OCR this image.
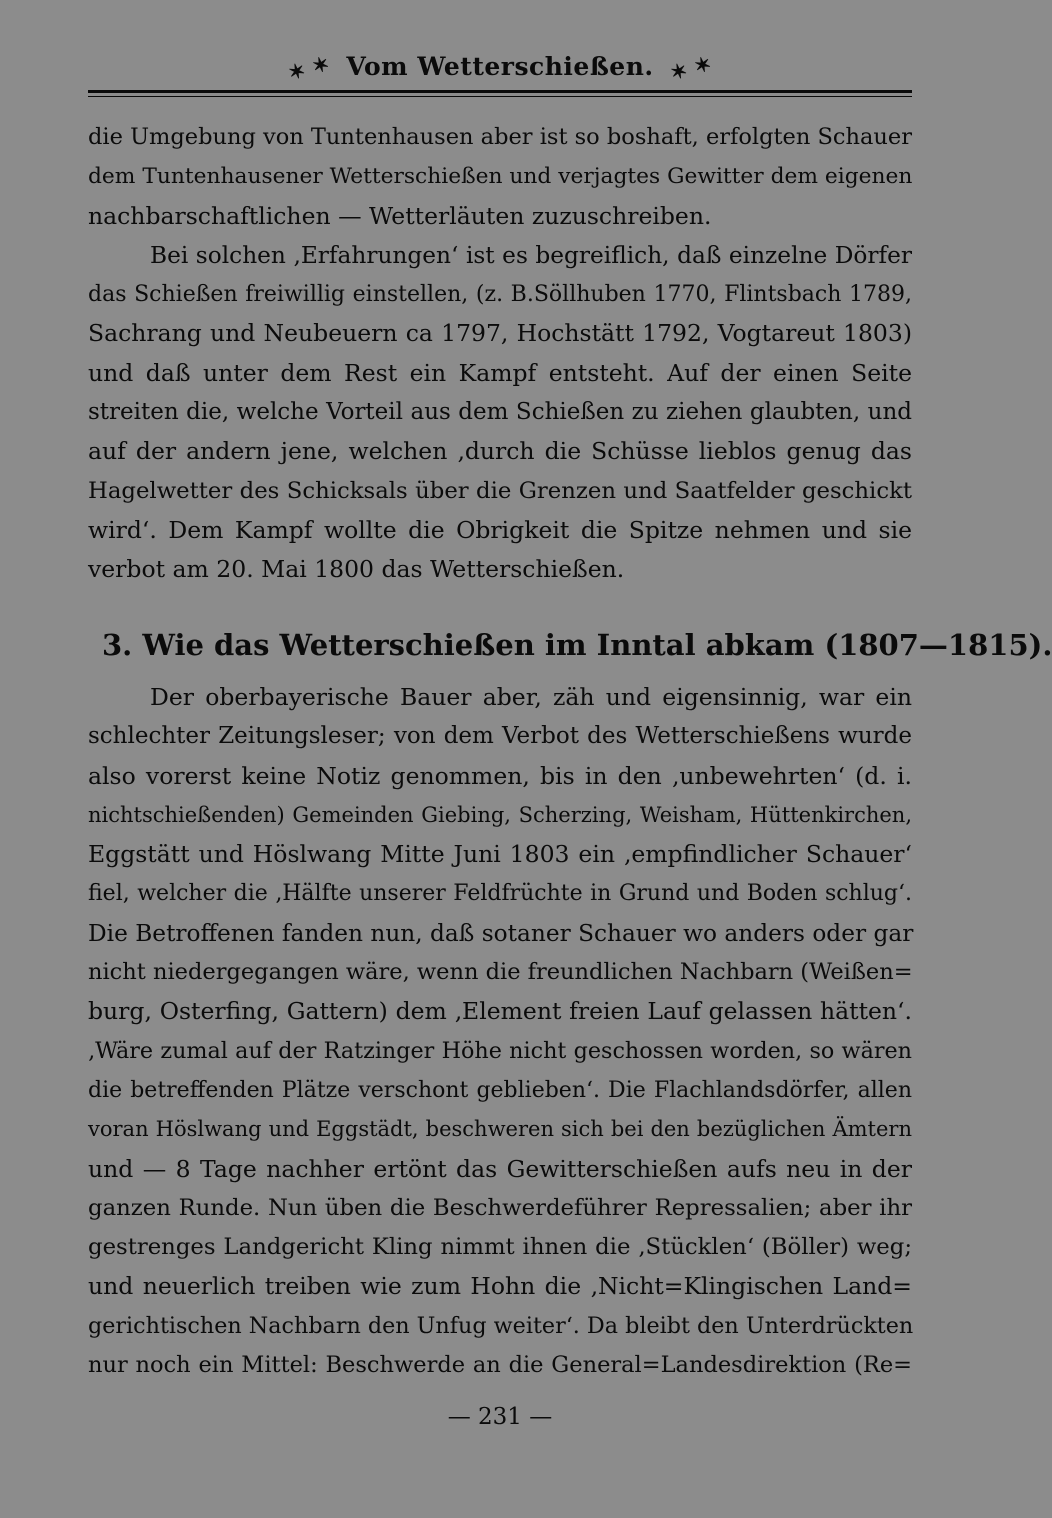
✶ ✶ Vom Wetterschießen. ✶ ✶
die Umgebung von Tuntenhausen aber ist so boshaft, erfolgten Schauer
dem Tuntenhausener Wetterschießen und verjagtes Gewitter dem eigenen
nachbarschaftlichen — Wetterläuten zuzuschreiben.
Bei solchen ‚Erfahrungen‘ ist es begreiflich, daß einzelne Dörfer
das Schießen freiwillig einstellen, (z. B.Söllhuben 1770, Flintsbach 1789,
Sachrang und Neubeuern ca 1797, Hochstätt 1792, Vogtareut 1803)
und daß unter dem Rest ein Kampf entsteht. Auf der einen Seite
streiten die, welche Vorteil aus dem Schießen zu ziehen glaubten, und
auf der andern jene, welchen ‚durch die Schüsse lieblos genug das
Hagelwetter des Schicksals über die Grenzen und Saatfelder geschickt
wird‘. Dem Kampf wollte die Obrigkeit die Spitze nehmen und sie
verbot am 20. Mai 1800 das Wetterschießen.
3. Wie das Wetterschießen im Inntal abkam (1807—1815).
Der oberbayerische Bauer aber, zäh und eigensinnig, war ein
schlechter Zeitungsleser; von dem Verbot des Wetterschießens wurde
also vorerst keine Notiz genommen, bis in den ‚unbewehrten‘ (d. i.
nichtschießenden) Gemeinden Giebing, Scherzing, Weisham, Hüttenkirchen,
Eggstätt und Höslwang Mitte Juni 1803 ein ‚empfindlicher Schauer‘
fiel, welcher die ‚Hälfte unserer Feldfrüchte in Grund und Boden schlug‘.
Die Betroffenen fanden nun, daß sotaner Schauer wo anders oder gar
nicht niedergegangen wäre, wenn die freundlichen Nachbarn (Weißen=
burg, Osterfing, Gattern) dem ‚Element freien Lauf gelassen hätten‘.
‚Wäre zumal auf der Ratzinger Höhe nicht geschossen worden, so wären
die betreffenden Plätze verschont geblieben‘. Die Flachlandsdörfer, allen
voran Höslwang und Eggstädt, beschweren sich bei den bezüglichen Ämtern
und — 8 Tage nachher ertönt das Gewitterschießen aufs neu in der
ganzen Runde. Nun üben die Beschwerdeführer Repressalien; aber ihr
gestrenges Landgericht Kling nimmt ihnen die ‚Stücklen‘ (Böller) weg;
und neuerlich treiben wie zum Hohn die ‚Nicht=Klingischen Land=
gerichtischen Nachbarn den Unfug weiter‘. Da bleibt den Unterdrückten
nur noch ein Mittel: Beschwerde an die General=Landesdirektion (Re=
— 231 —
